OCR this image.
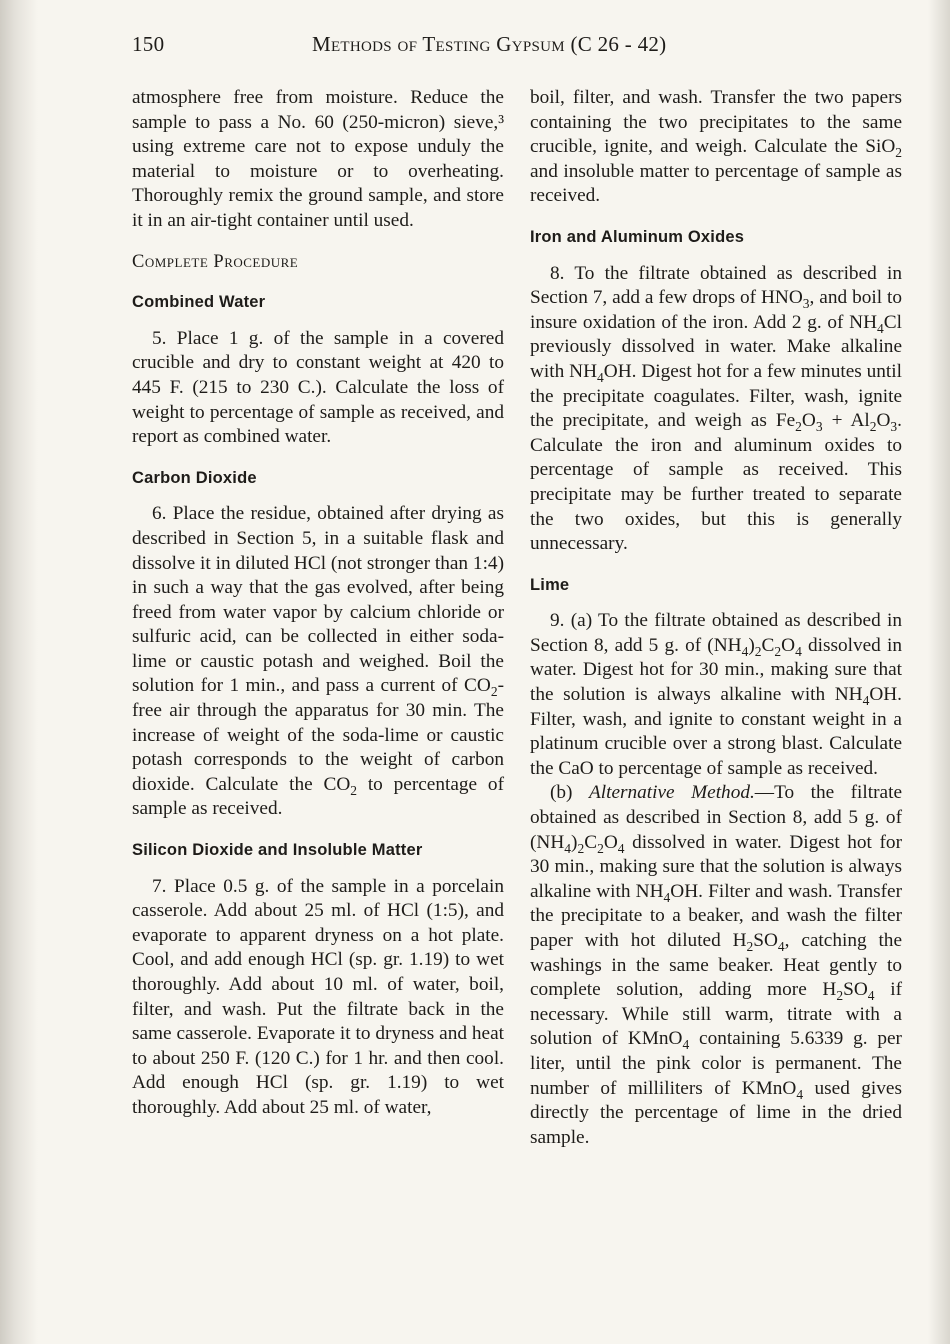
150	Methods of Testing Gypsum (C 26 - 42)

atmosphere free from moisture. Reduce the sample to pass a No. 60 (250-micron) sieve,³ using extreme care not to expose unduly the material to moisture or to overheating. Thoroughly remix the ground sample, and store it in an air-tight container until used.

Complete Procedure

Combined Water

5. Place 1 g. of the sample in a covered crucible and dry to constant weight at 420 to 445 F. (215 to 230 C.). Calculate the loss of weight to percentage of sample as received, and report as combined water.

Carbon Dioxide

6. Place the residue, obtained after drying as described in Section 5, in a suitable flask and dissolve it in diluted HCl (not stronger than 1:4) in such a way that the gas evolved, after being freed from water vapor by calcium chloride or sulfuric acid, can be collected in either soda-lime or caustic potash and weighed. Boil the solution for 1 min., and pass a current of $CO_2$-free air through the apparatus for 30 min. The increase of weight of the soda-lime or caustic potash corresponds to the weight of carbon dioxide. Calculate the $CO_2$ to percentage of sample as received.

Silicon Dioxide and Insoluble Matter

7. Place 0.5 g. of the sample in a porcelain casserole. Add about 25 ml. of HCl (1:5), and evaporate to apparent dryness on a hot plate. Cool, and add enough HCl (sp. gr. 1.19) to wet thoroughly. Add about 10 ml. of water, boil, filter, and wash. Put the filtrate back in the same casserole. Evaporate it to dryness and heat to about 250 F. (120 C.) for 1 hr. and then cool. Add enough HCl (sp. gr. 1.19) to wet thoroughly. Add about 25 ml. of water,

boil, filter, and wash. Transfer the two papers containing the two precipitates to the same crucible, ignite, and weigh. Calculate the SiO$_2$ and insoluble matter to percentage of sample as received.

Iron and Aluminum Oxides

8. To the filtrate obtained as described in Section 7, add a few drops of $HNO_3$, and boil to insure oxidation of the iron. Add 2 g. of $NH_4Cl$ previously dissolved in water. Make alkaline with $NH_4OH$. Digest hot for a few minutes until the precipitate coagulates. Filter, wash, ignite the precipitate, and weigh as $Fe_2O_3 + Al_2O_3$. Calculate the iron and aluminum oxides to percentage of sample as received. This precipitate may be further treated to separate the two oxides, but this is generally unnecessary.

Lime

9. (a) To the filtrate obtained as described in Section 8, add 5 g. of $(NH_4)_2C_2O_4$ dissolved in water. Digest hot for 30 min., making sure that the solution is always alkaline with $NH_4OH$. Filter, wash, and ignite to constant weight in a platinum crucible over a strong blast. Calculate the CaO to percentage of sample as received.

(b) Alternative Method.—To the filtrate obtained as described in Section 8, add 5 g. of $(NH_4)_2C_2O_4$ dissolved in water. Digest hot for 30 min., making sure that the solution is always alkaline with $NH_4OH$. Filter and wash. Transfer the precipitate to a beaker, and wash the filter paper with hot diluted $H_2SO_4$, catching the washings in the same beaker. Heat gently to complete solution, adding more $H_2SO_4$ if necessary. While still warm, titrate with a solution of KMnO$_4$ containing 5.6339 g. per liter, until the pink color is permanent. The number of milliliters of KMnO$_4$ used gives directly the percentage of lime in the dried sample.
